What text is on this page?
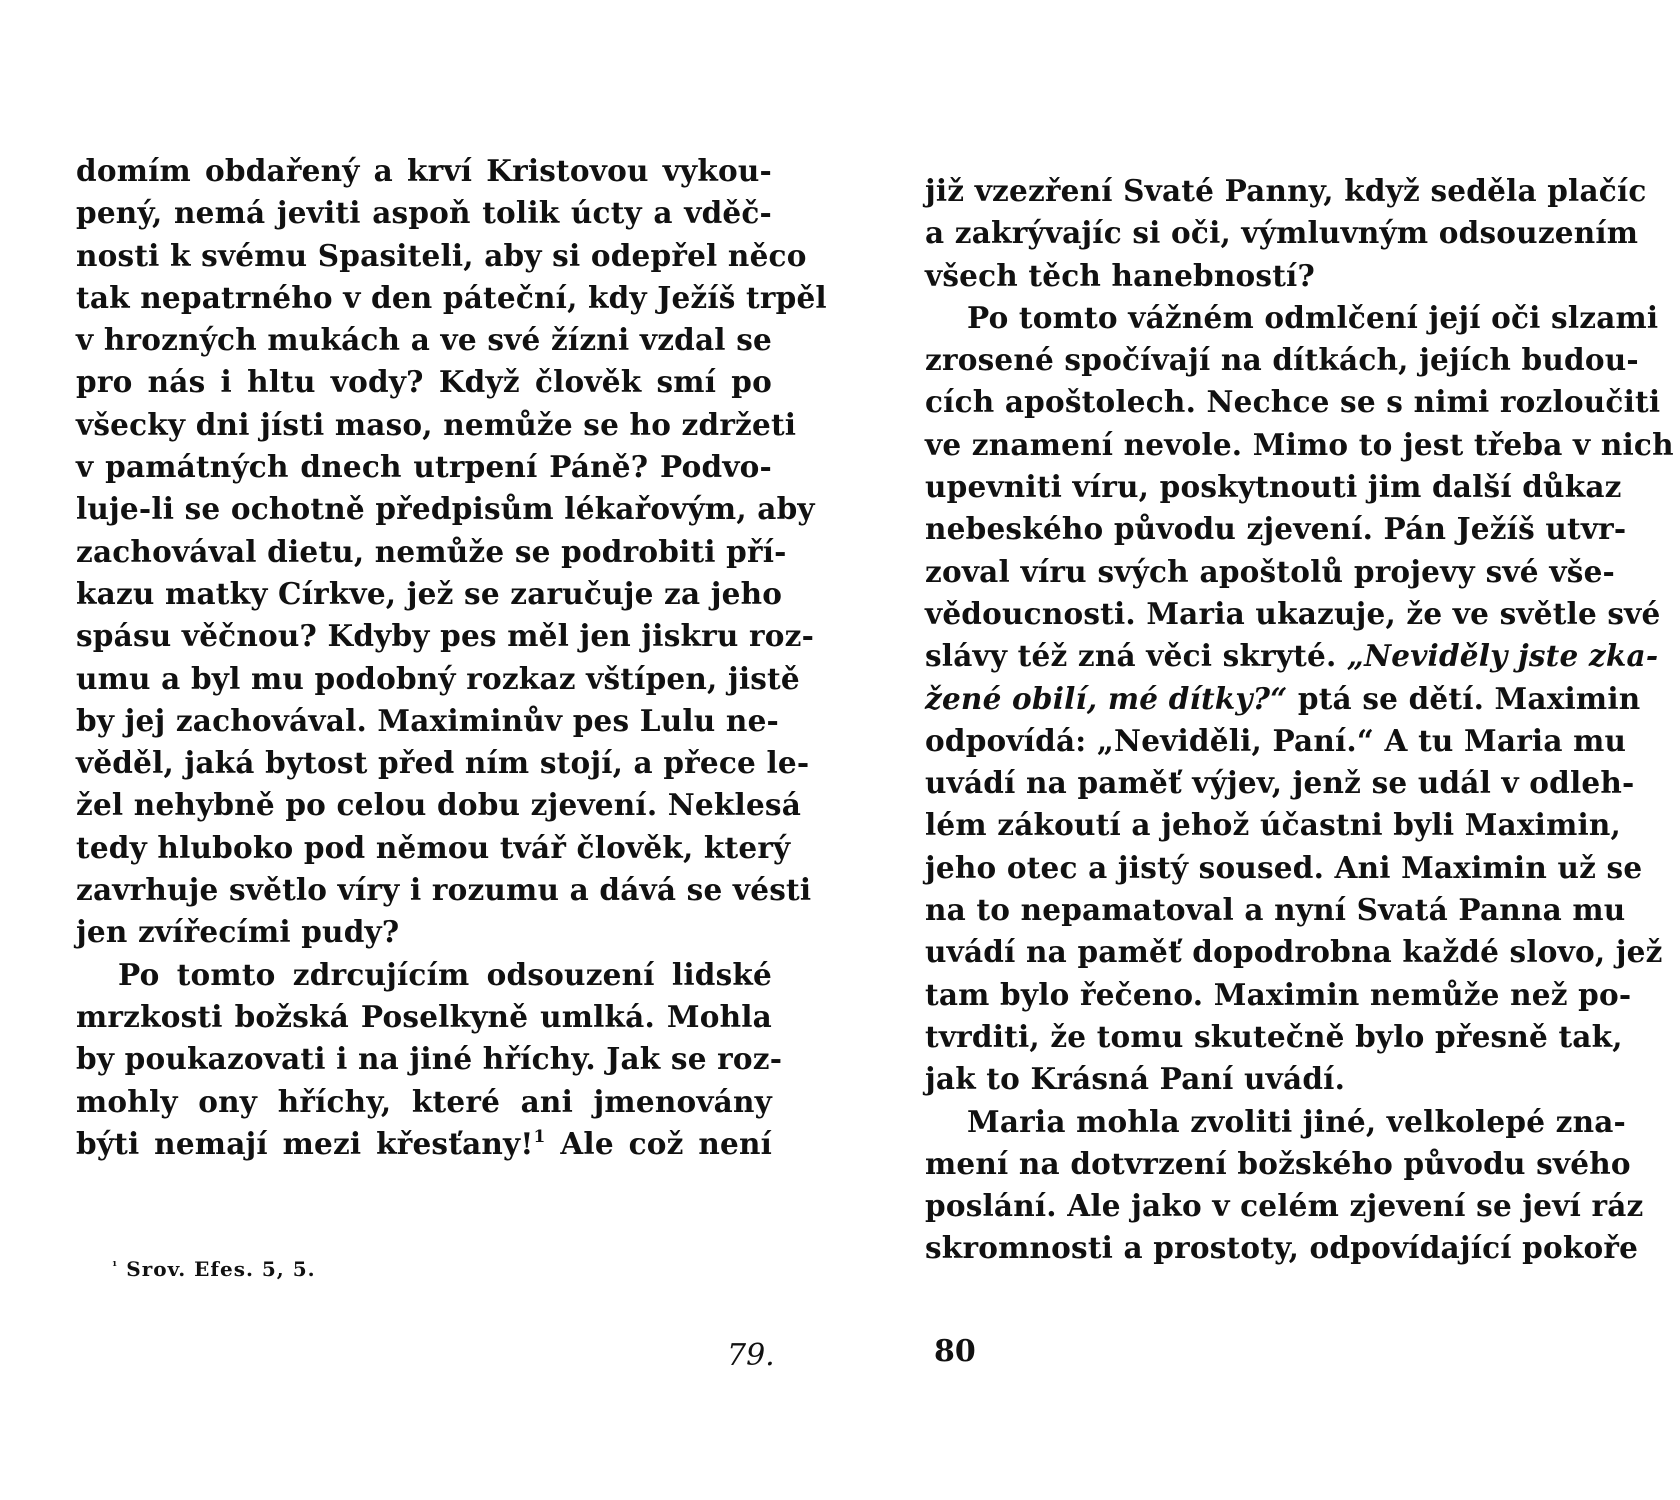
domím obdařený a krví Kristovou vykou-
pený, nemá jeviti aspoň tolik úcty a vděč-
nosti k svému Spasiteli, aby si odepřel něco
tak nepatrného v den páteční, kdy Ježíš trpěl
v hrozných mukách a ve své žízni vzdal se
pro nás i hltu vody? Když člověk smí po
všecky dni jísti maso, nemůže se ho zdržeti
v památných dnech utrpení Páně? Podvo-
luje-li se ochotně předpisům lékařovým, aby
zachovával dietu, nemůže se podrobiti pří-
kazu matky Církve, jež se zaručuje za jeho
spásu věčnou? Kdyby pes měl jen jiskru roz-
umu a byl mu podobný rozkaz vštípen, jistě
by jej zachovával. Maximinův pes Lulu ne-
věděl, jaká bytost před ním stojí, a přece le-
žel nehybně po celou dobu zjevení. Neklesá
tedy hluboko pod němou tvář člověk, který
zavrhuje světlo víry i rozumu a dává se vésti
jen zvířecími pudy?
Po tomto zdrcujícím odsouzení lidské
mrzkosti božská Poselkyně umlká. Mohla
by poukazovati i na jiné hříchy. Jak se roz-
mohly ony hříchy, které ani jmenovány
býti nemají mezi křesťany!$^1$ Ale což není
$^{^1}$ Srov. Efes. 5, 5.
79.
již vzezření Svaté Panny, když seděla plačíc
a zakrývajíc si oči, výmluvným odsouzením
všech těch hanebností?
Po tomto vážném odmlčení její oči slzami
zrosené spočívají na dítkách, jejích budou-
cích apoštolech. Nechce se s nimi rozloučiti
ve znamení nevole. Mimo to jest třeba v nich
upevniti víru, poskytnouti jim další důkaz
nebeského původu zjevení. Pán Ježíš utvr-
zoval víru svých apoštolů projevy své vše-
vědoucnosti. Maria ukazuje, že ve světle své
slávy též zná věci skryté. „Neviděly jste zka-
žené obilí, mé dítky?“ ptá se dětí. Maximin
odpovídá: „Neviděli, Paní.“ A tu Maria mu
uvádí na paměť výjev, jenž se udál v odleh-
lém zákoutí a jehož účastni byli Maximin,
jeho otec a jistý soused. Ani Maximin už se
na to nepamatoval a nyní Svatá Panna mu
uvádí na paměť dopodrobna každé slovo, jež
tam bylo řečeno. Maximin nemůže než po-
tvrditi, že tomu skutečně bylo přesně tak,
jak to Krásná Paní uvádí.
Maria mohla zvoliti jiné, velkolepé zna-
mení na dotvrzení božského původu svého
poslání. Ale jako v celém zjevení se jeví ráz
skromnosti a prostoty, odpovídající pokoře
80
